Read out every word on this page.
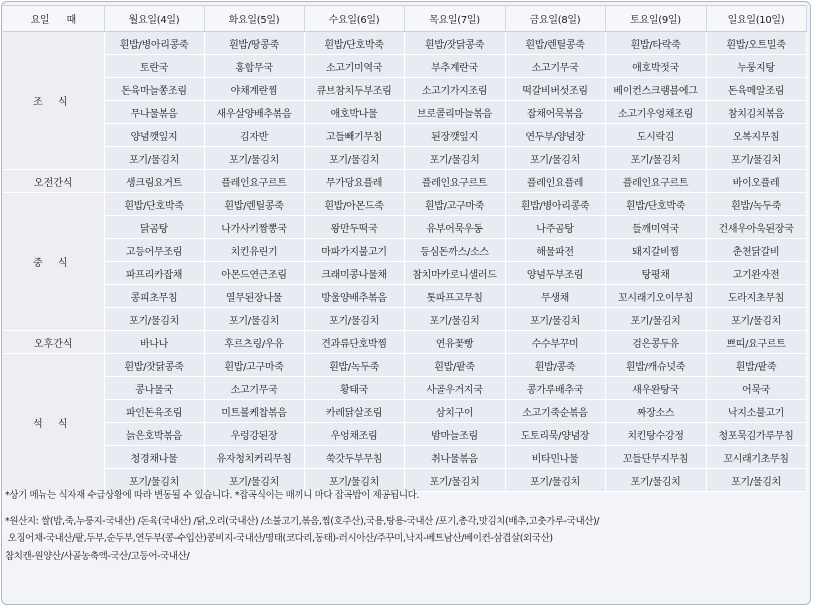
요일      때	월요일(4일)	화요일(5일)	수요일(6일)	목요일(7일)	금요일(8일)	토요일(9일)	일요일(10일)
조 식	흰밥/병아리콩죽	흰밥/땅콩죽	흰밥/단호박죽	흰밥/잣닭콩죽	흰밥/렌틸콩죽	흰밥/타락죽	흰밥/오트밀죽
	토란국	홍합무국	소고기미역국	부추계란국	소고기무국	애호박젓국	누룽지탕
	돈육마늘쫑조림	야채계란찜	큐브참치두부조림	소고기가지조림	떡갈비버섯조림	베이컨스크램블에그	돈육메알조림
	무나물볶음	새우살양배추볶음	애호박나물	브로콜리마늘볶음	잡채어묵볶음	소고기우엉채조림	참치김치볶음
	양념깻잎지	김자반	고들빼기무침	된장깻잎지	연두부/양념장	도시락김	오복지무침
	포기/물김치	포기/물김치	포기/물김치	포기/물김치	포기/물김치	포기/물김치	포기/물김치
오전간식	생크림요거트	플레인요구르트	무가당요플레	플레인요구르트	플레인요플레	플레인요구르트	바이오플레
중 식	흰밥/단호박죽	흰밥/렌틸콩죽	흰밥/아몬드죽	흰밥/고구마죽	흰밥/병아리콩죽	흰밥/단호박죽	흰밥/녹두죽
	닭곰탕	나가사키짬뽕국	왕만두떡국	유부어묵우동	나주곰탕	들깨미역국	건새우아욱된장국
	고등어무조림	치킨유린기	마파가지불고기	등심돈까스/소스	해물파전	돼지갈비찜	춘천닭갈비
	파프리카잡채	아몬드연근조림	크래미콩나물채	참치마카로니샐러드	양념두부조림	탕평채	고기완자전
	콩피초무침	열무된장나물	방울양배추볶음	톳파프고무침	무생채	꼬시래기오이무침	도라지초무침
	포기/물김치	포기/물김치	포기/물김치	포기/물김치	포기/물김치	포기/물김치	포기/물김치
오후간식	바나나	후르츠링/우유	견과류단호박찜	연유꽃빵	수수부꾸미	검은콩두유	쁘띠/요구르트
석 식	흰밥/잣닭콩죽	흰밥/고구마죽	흰밥/녹두죽	흰밥/팥죽	흰밥/콩죽	흰밥/캐슈넛죽	흰밥/팥죽
	콩나물국	소고기무국	황태국	사골우거지국	콩가루배추국	새우완탕국	어묵국
	파인돈육조림	미트볼케찹볶음	카레닭살조림	삼치구이	소고기죽순볶음	짜장소스	낙지소불고기
	늙은호박볶음	우렁강된장	우엉채조림	밤마늘조림	도토리묵/양념장	치킨탕수강정	청포묵김가루무침
	청경채나물	유자청치커리무침	쑥갓두부무침	취나물볶음	비타민나물	꼬들단무지무침	꼬시래기초무침
	포기/물김치	포기/물김치	포기/물김치	포기/물김치	포기/물김치	포기/물김치	포기/물김치
*상기 메뉴는 식자재 수급상황에 따라 변동될 수 있습니다. *잡곡식이는 매끼니 마다 잡곡밥이 제공됩니다.
*원산지: 쌀(밥,죽,누룽지-국내산) /돈육(국내산) /닭,오리(국내산) /소불고기,볶음,찜(호주산),국용,탕용-국내산 /포기,총각,맛김치(배추,고춧가루-국내산)/
오징어채-국내산/팥,두부,순두부,연두부(콩-수입산)콩비지-국내산/명태(코다리,동태)-러시아산/주꾸미,낙지-베트남산/베이컨-삼겹살(외국산)
참치캔-원양산/사골농축액-국산/고등어-국내산/
